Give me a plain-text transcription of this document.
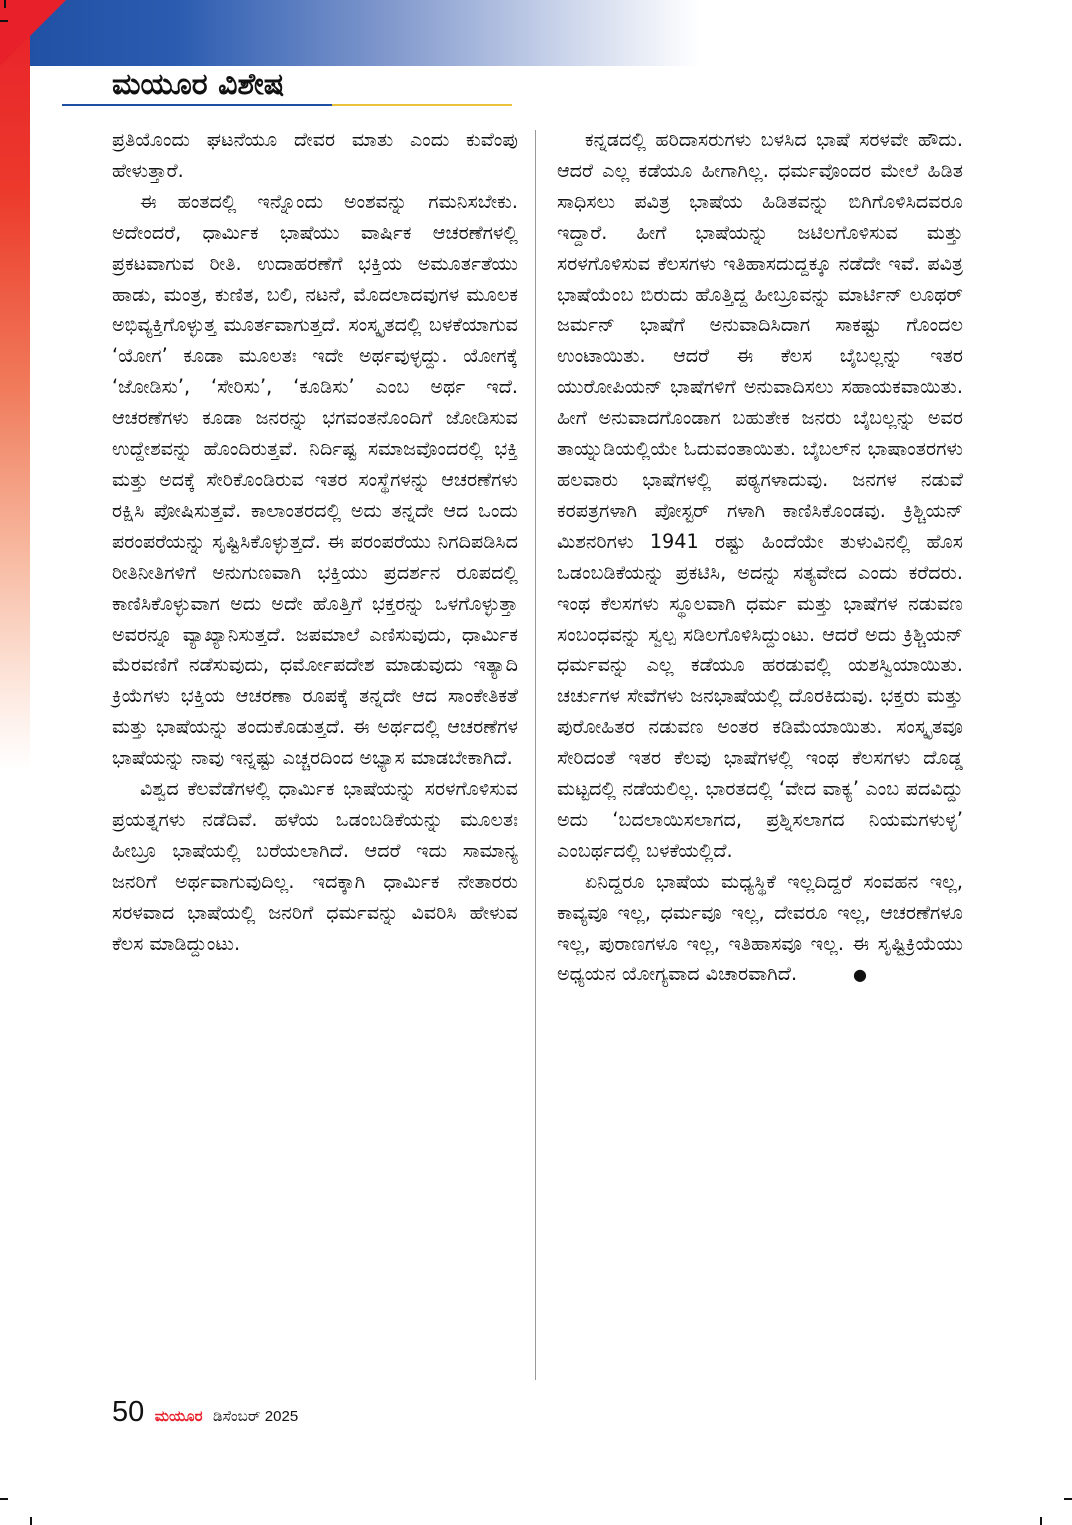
ಮಯೂರ ವಿಶೇಷ

ಪ್ರತಿಯೊಂದು ಘಟನೆಯೂ ದೇವರ ಮಾತು ಎಂದು ಕುವೆಂಪು ಹೇಳುತ್ತಾರೆ.

ಈ ಹಂತದಲ್ಲಿ ಇನ್ನೊಂದು ಅಂಶವನ್ನು ಗಮನಿಸಬೇಕು. ಅದೇಂದರೆ, ಧಾರ್ಮಿಕ ಭಾಷೆಯು ವಾರ್ಷಿಕ ಆಚರಣೆಗಳಲ್ಲಿ ಪ್ರಕಟವಾಗುವ ರೀತಿ. ಉದಾಹರಣೆಗೆ ಭಕ್ತಿಯ ಅಮೂರ್ತತೆಯು ಹಾಡು, ಮಂತ್ರ, ಕುಣಿತ, ಬಲಿ, ನಟನೆ, ಮೊದಲಾದವುಗಳ ಮೂಲಕ ಅಭಿವ್ಯಕ್ತಿಗೊಳ್ಳುತ್ತ ಮೂರ್ತವಾಗುತ್ತದೆ. ಸಂಸ್ಕೃತದಲ್ಲಿ ಬಳಕೆಯಾಗುವ ‘ಯೋಗ’ ಕೂಡಾ ಮೂಲತಃ ಇದೇ ಅರ್ಥವುಳ್ಳದ್ದು. ಯೋಗಕ್ಕೆ ‘ಜೋಡಿಸು’, ‘ಸೇರಿಸು’, ‘ಕೂಡಿಸು’ ಎಂಬ ಅರ್ಥ ಇದೆ. ಆಚರಣೆಗಳು ಕೂಡಾ ಜನರನ್ನು ಭಗವಂತನೊಂದಿಗೆ ಜೋಡಿಸುವ ಉದ್ದೇಶವನ್ನು ಹೊಂದಿರುತ್ತವೆ. ನಿರ್ದಿಷ್ಟ ಸಮಾಜವೊಂದರಲ್ಲಿ ಭಕ್ತಿ ಮತ್ತು ಅದಕ್ಕೆ ಸೇರಿಕೊಂಡಿರುವ ಇತರ ಸಂಸ್ಥೆಗಳನ್ನು ಆಚರಣೆಗಳು ರಕ್ಷಿಸಿ ಪೋಷಿಸುತ್ತವೆ. ಕಾಲಾಂತರದಲ್ಲಿ ಅದು ತನ್ನದೇ ಆದ ಒಂದು ಪರಂಪರೆಯನ್ನು ಸೃಷ್ಟಿಸಿಕೊಳ್ಳುತ್ತದೆ. ಈ ಪರಂಪರೆಯು ನಿಗದಿಪಡಿಸಿದ ರೀತಿನೀತಿಗಳಿಗೆ ಅನುಗುಣವಾಗಿ ಭಕ್ತಿಯು ಪ್ರದರ್ಶನ ರೂಪದಲ್ಲಿ ಕಾಣಿಸಿಕೊಳ್ಳುವಾಗ ಅದು ಅದೇ ಹೊತ್ತಿಗೆ ಭಕ್ತರನ್ನು ಒಳಗೊಳ್ಳುತ್ತಾ ಅವರನ್ನೂ ವ್ಯಾಖ್ಯಾನಿಸುತ್ತದೆ. ಜಪಮಾಲೆ ಎಣಿಸುವುದು, ಧಾರ್ಮಿಕ ಮೆರವಣಿಗೆ ನಡೆಸುವುದು, ಧರ್ಮೋಪದೇಶ ಮಾಡುವುದು ಇತ್ಯಾದಿ ಕ್ರಿಯೆಗಳು ಭಕ್ತಿಯ ಆಚರಣಾ ರೂಪಕ್ಕೆ ತನ್ನದೇ ಆದ ಸಾಂಕೇತಿಕತೆ ಮತ್ತು ಭಾಷೆಯನ್ನು ತಂದುಕೊಡುತ್ತದೆ. ಈ ಅರ್ಥದಲ್ಲಿ ಆಚರಣೆಗಳ ಭಾಷೆಯನ್ನು ನಾವು ಇನ್ನಷ್ಟು ಎಚ್ಚರದಿಂದ ಅಭ್ಯಾಸ ಮಾಡಬೇಕಾಗಿದೆ.

ವಿಶ್ವದ ಕೆಲವೆಡೆಗಳಲ್ಲಿ ಧಾರ್ಮಿಕ ಭಾಷೆಯನ್ನು ಸರಳಗೊಳಿಸುವ ಪ್ರಯತ್ನಗಳು ನಡೆದಿವೆ. ಹಳೆಯ ಒಡಂಬಡಿಕೆಯನ್ನು ಮೂಲತಃ ಹೀಬ್ರೂ ಭಾಷೆಯಲ್ಲಿ ಬರೆಯಲಾಗಿದೆ. ಆದರೆ ಇದು ಸಾಮಾನ್ಯ ಜನರಿಗೆ ಅರ್ಥವಾಗುವುದಿಲ್ಲ. ಇದಕ್ಕಾಗಿ ಧಾರ್ಮಿಕ ನೇತಾರರು ಸರಳವಾದ ಭಾಷೆಯಲ್ಲಿ ಜನರಿಗೆ ಧರ್ಮವನ್ನು ವಿವರಿಸಿ ಹೇಳುವ ಕೆಲಸ ಮಾಡಿದ್ದುಂಟು.

ಕನ್ನಡದಲ್ಲಿ ಹರಿದಾಸರುಗಳು ಬಳಸಿದ ಭಾಷೆ ಸರಳವೇ ಹೌದು. ಆದರೆ ಎಲ್ಲ ಕಡೆಯೂ ಹೀಗಾಗಿಲ್ಲ. ಧರ್ಮವೊಂದರ ಮೇಲೆ ಹಿಡಿತ ಸಾಧಿಸಲು ಪವಿತ್ರ ಭಾಷೆಯ ಹಿಡಿತವನ್ನು ಬಿಗಿಗೊಳಿಸಿದವರೂ ಇದ್ದಾರೆ. ಹೀಗೆ ಭಾಷೆಯನ್ನು ಜಟಿಲಗೊಳಿಸುವ ಮತ್ತು ಸರಳಗೊಳಿಸುವ ಕೆಲಸಗಳು ಇತಿಹಾಸದುದ್ದಕ್ಕೂ ನಡೆದೇ ಇವೆ. ಪವಿತ್ರ ಭಾಷೆಯೆಂಬ ಬಿರುದು ಹೊತ್ತಿದ್ದ ಹೀಬ್ರೂವನ್ನು ಮಾರ್ಟಿನ್ ಲೂಥರ್ ಜರ್ಮನ್ ಭಾಷೆಗೆ ಅನುವಾದಿಸಿದಾಗ ಸಾಕಷ್ಟು ಗೊಂದಲ ಉಂಟಾಯಿತು. ಆದರೆ ಈ ಕೆಲಸ ಬೈಬಲ್ಲನ್ನು ಇತರ ಯುರೋಪಿಯನ್ ಭಾಷೆಗಳಿಗೆ ಅನುವಾದಿಸಲು ಸಹಾಯಕವಾಯಿತು. ಹೀಗೆ ಅನುವಾದಗೊಂಡಾಗ ಬಹುತೇಕ ಜನರು ಬೈಬಲ್ಲನ್ನು ಅವರ ತಾಯ್ನುಡಿಯಲ್ಲಿಯೇ ಓದುವಂತಾಯಿತು. ಬೈಬಲ್‌ನ ಭಾಷಾಂತರಗಳು ಹಲವಾರು ಭಾಷೆಗಳಲ್ಲಿ ಪಠ್ಯಗಳಾದುವು. ಜನಗಳ ನಡುವೆ ಕರಪತ್ರಗಳಾಗಿ ಪೋಸ್ಟರ್ ಗಳಾಗಿ ಕಾಣಿಸಿಕೊಂಡವು. ಕ್ರಿಶ್ಚಿಯನ್ ಮಿಶನರಿಗಳು 1941 ರಷ್ಟು ಹಿಂದೆಯೇ ತುಳುವಿನಲ್ಲಿ ಹೊಸ ಒಡಂಬಡಿಕೆಯನ್ನು ಪ್ರಕಟಿಸಿ, ಅದನ್ನು ಸತ್ಯವೇದ ಎಂದು ಕರೆದರು. ಇಂಥ ಕೆಲಸಗಳು ಸ್ಥೂಲವಾಗಿ ಧರ್ಮ ಮತ್ತು ಭಾಷೆಗಳ ನಡುವಣ ಸಂಬಂಧವನ್ನು ಸ್ವಲ್ಪ ಸಡಿಲಗೊಳಿಸಿದ್ದುಂಟು. ಆದರೆ ಅದು ಕ್ರಿಶ್ಚಿಯನ್ ಧರ್ಮವನ್ನು ಎಲ್ಲ ಕಡೆಯೂ ಹರಡುವಲ್ಲಿ ಯಶಸ್ವಿಯಾಯಿತು. ಚರ್ಚುಗಳ ಸೇವೆಗಳು ಜನಭಾಷೆಯಲ್ಲಿ ದೊರಕಿದುವು. ಭಕ್ತರು ಮತ್ತು ಪುರೋಹಿತರ ನಡುವಣ ಅಂತರ ಕಡಿಮೆಯಾಯಿತು. ಸಂಸ್ಕೃತವೂ ಸೇರಿದಂತೆ ಇತರ ಕೆಲವು ಭಾಷೆಗಳಲ್ಲಿ ಇಂಥ ಕೆಲಸಗಳು ದೊಡ್ಡ ಮಟ್ಟದಲ್ಲಿ ನಡೆಯಲಿಲ್ಲ. ಭಾರತದಲ್ಲಿ ‘ವೇದ ವಾಕ್ಯ’ ಎಂಬ ಪದವಿದ್ದು ಅದು ‘ಬದಲಾಯಿಸಲಾಗದ, ಪ್ರಶ್ನಿಸಲಾಗದ ನಿಯಮಗಳುಳ್ಳ’ ಎಂಬರ್ಥದಲ್ಲಿ ಬಳಕೆಯಲ್ಲಿದೆ.

ಏನಿದ್ದರೂ ಭಾಷೆಯ ಮಧ್ಯಸ್ಥಿಕೆ ಇಲ್ಲದಿದ್ದರೆ ಸಂವಹನ ಇಲ್ಲ, ಕಾವ್ಯವೂ ಇಲ್ಲ, ಧರ್ಮವೂ ಇಲ್ಲ, ದೇವರೂ ಇಲ್ಲ, ಆಚರಣೆಗಳೂ ಇಲ್ಲ, ಪುರಾಣಗಳೂ ಇಲ್ಲ, ಇತಿಹಾಸವೂ ಇಲ್ಲ. ಈ ಸೃಷ್ಟಿಕ್ರಿಯೆಯು ಅಧ್ಯಯನ ಯೋಗ್ಯವಾದ ವಿಚಾರವಾಗಿದೆ.	●

50 ಮಯೂರ ಡಿಸೆಂಬರ್ 2025
